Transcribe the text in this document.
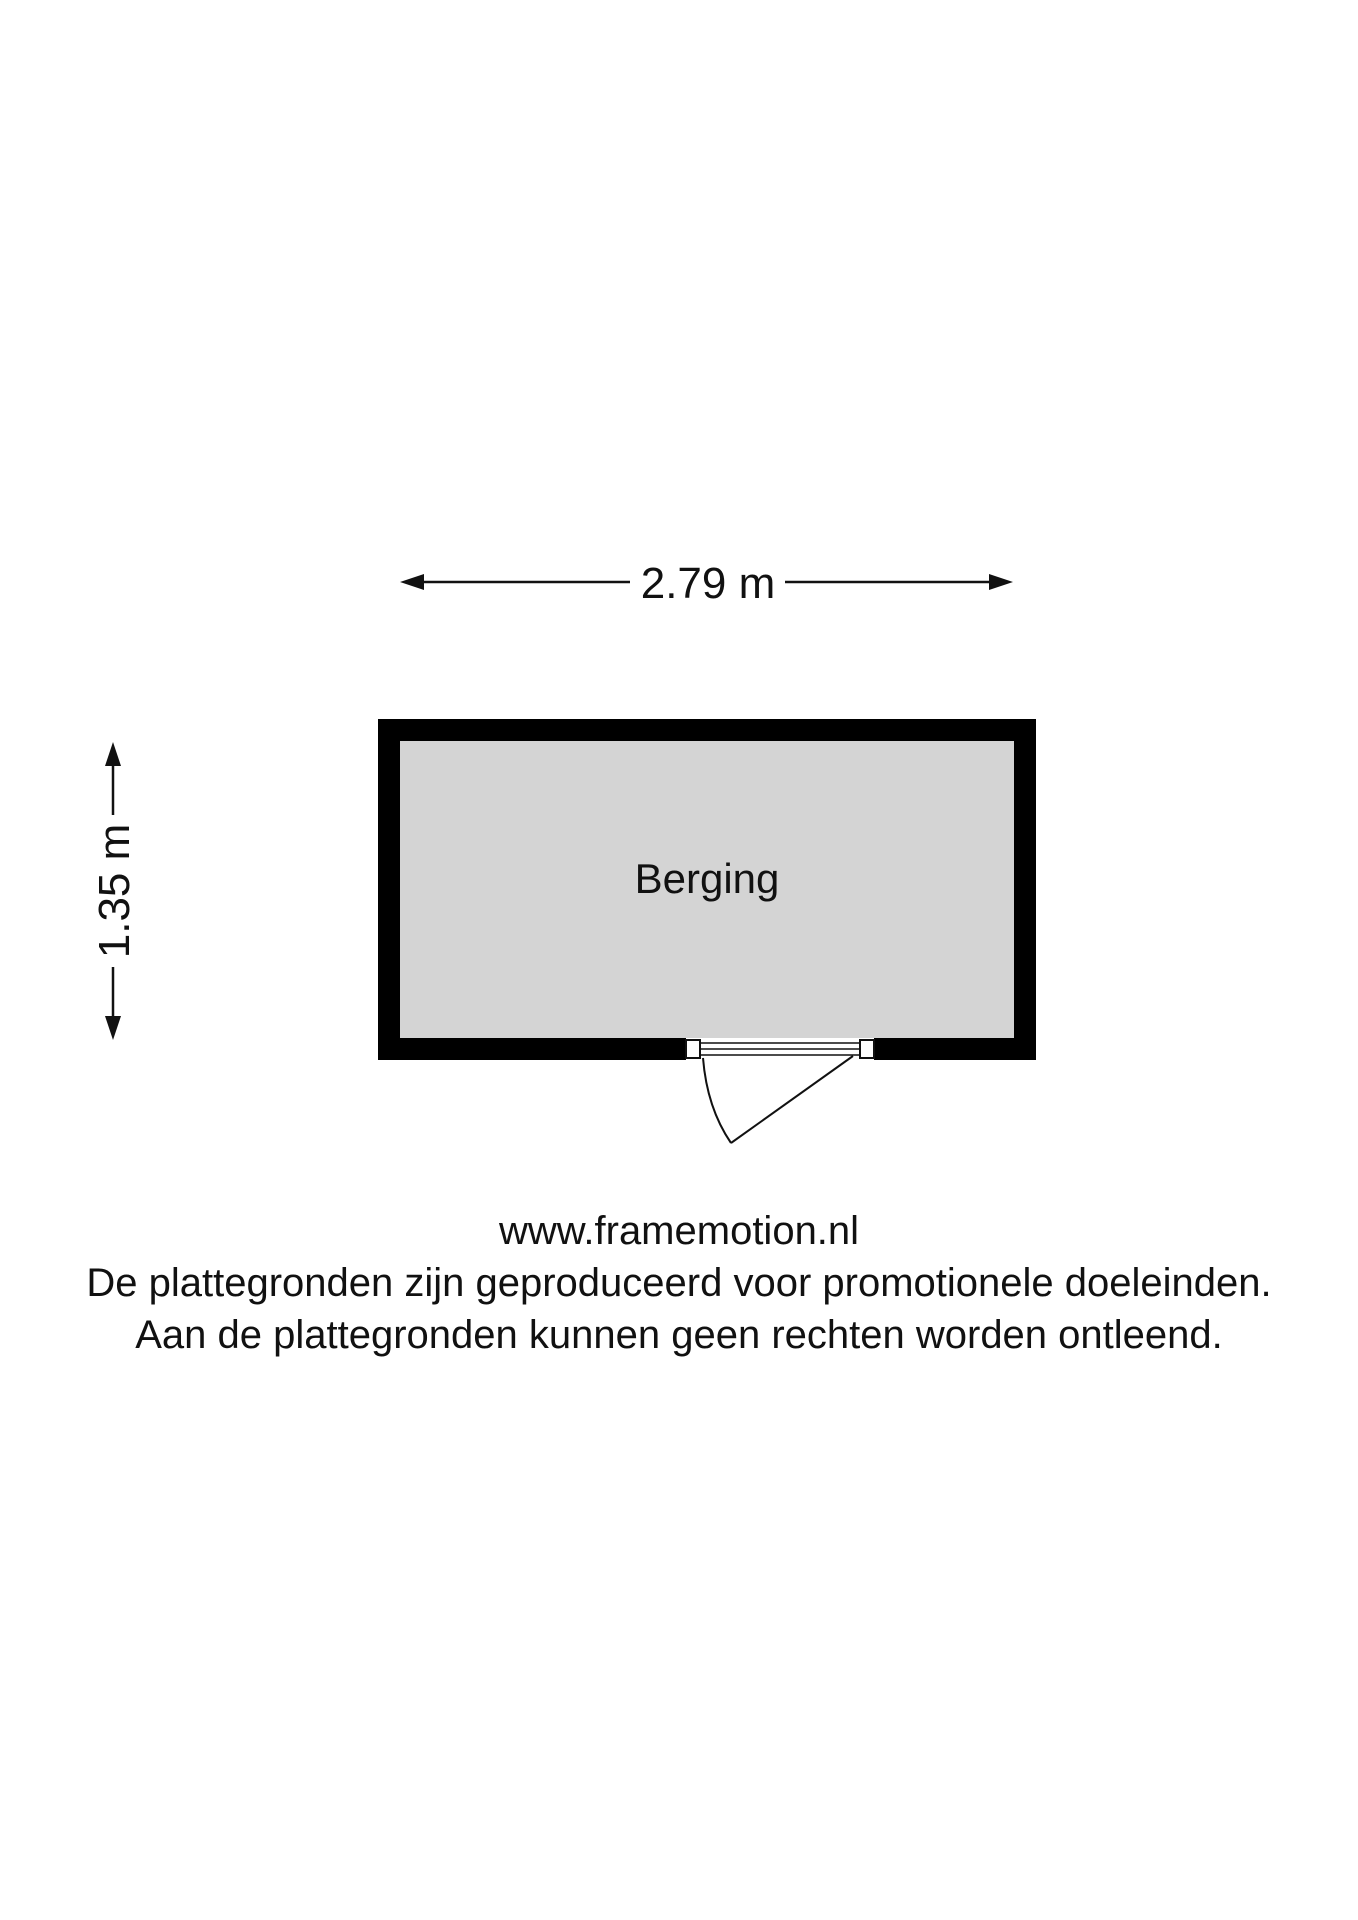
2.79 m
1.35 m	Berging
www.framemotion.nl
De plattegronden zijn geproduceerd voor promotionele doeleinden.
Aan de plattegronden kunnen geen rechten worden ontleend.
